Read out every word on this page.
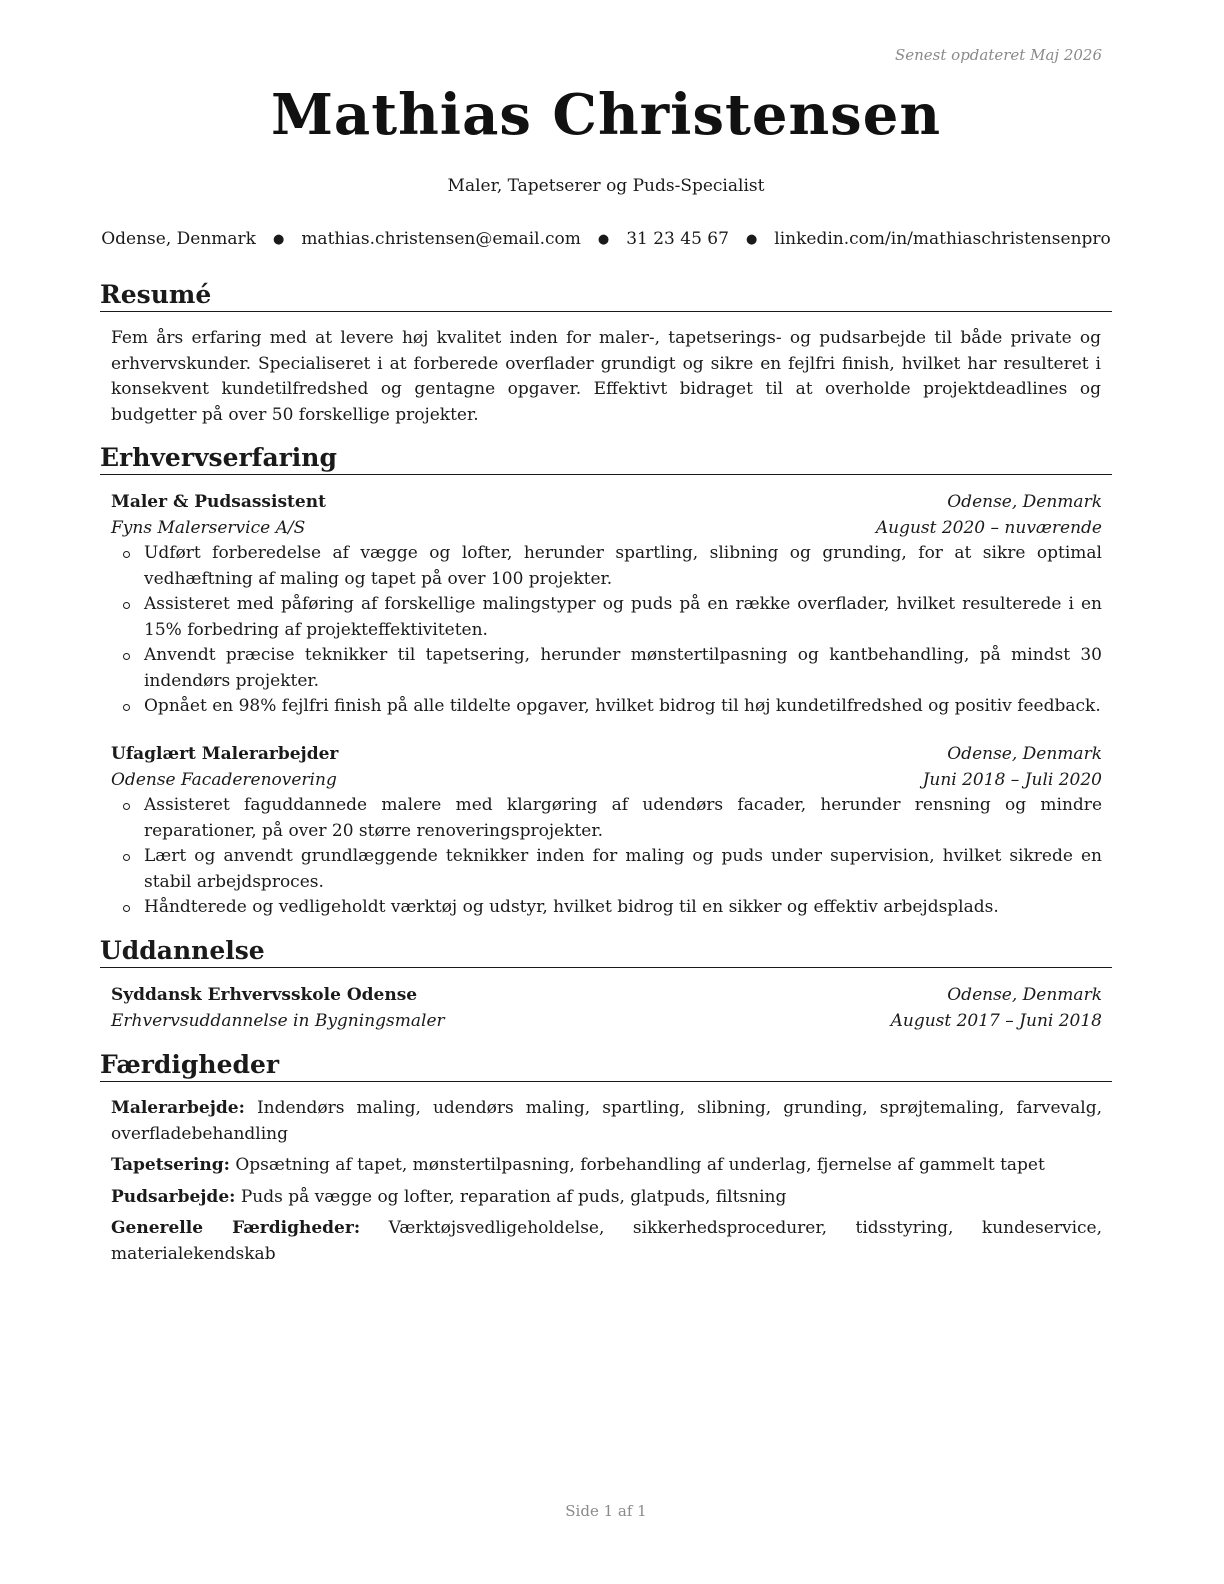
Senest opdateret Maj 2026
Mathias Christensen
Maler, Tapetserer og Puds-Specialist
Odense, Denmark ● mathias.christensen@email.com ● 31 23 45 67 ● linkedin.com/in/mathiaschristensenpro
Resumé
Fem års erfaring med at levere høj kvalitet inden for maler-, tapetserings- og pudsarbejde til både private og erhvervskunder. Specialiseret i at forberede overflader grundigt og sikre en fejlfri finish, hvilket har resulteret i konsekvent kundetilfredshed og gentagne opgaver. Effektivt bidraget til at overholde projektdeadlines og budgetter på over 50 forskellige projekter.
Erhvervserfaring
Maler & Pudsassistent	Odense, Denmark
Fyns Malerservice A/S	August 2020 – nuværende
Udført forberedelse af vægge og lofter, herunder spartling, slibning og grunding, for at sikre optimal vedhæftning af maling og tapet på over 100 projekter.
Assisteret med påføring af forskellige malingstyper og puds på en række overflader, hvilket resulterede i en 15% forbedring af projekteffektiviteten.
Anvendt præcise teknikker til tapetsering, herunder mønstertilpasning og kantbehandling, på mindst 30 indendørs projekter.
Opnået en 98% fejlfri finish på alle tildelte opgaver, hvilket bidrog til høj kundetilfredshed og positiv feedback.
Ufaglært Malerarbejder	Odense, Denmark
Odense Facaderenovering	Juni 2018 – Juli 2020
Assisteret faguddannede malere med klargøring af udendørs facader, herunder rensning og mindre reparationer, på over 20 større renoveringsprojekter.
Lært og anvendt grundlæggende teknikker inden for maling og puds under supervision, hvilket sikrede en stabil arbejdsproces.
Håndterede og vedligeholdt værktøj og udstyr, hvilket bidrog til en sikker og effektiv arbejdsplads.
Uddannelse
Syddansk Erhvervsskole Odense	Odense, Denmark
Erhvervsuddannelse in Bygningsmaler	August 2017 – Juni 2018
Færdigheder
Malerarbejde: Indendørs maling, udendørs maling, spartling, slibning, grunding, sprøjtemaling, farvevalg, overfladebehandling
Tapetsering: Opsætning af tapet, mønstertilpasning, forbehandling af underlag, fjernelse af gammelt tapet
Pudsarbejde: Puds på vægge og lofter, reparation af puds, glatpuds, filtsning
Generelle Færdigheder: Værktøjsvedligeholdelse, sikkerhedsprocedurer, tidsstyring, kundeservice, materialekendskab
Side 1 af 1
